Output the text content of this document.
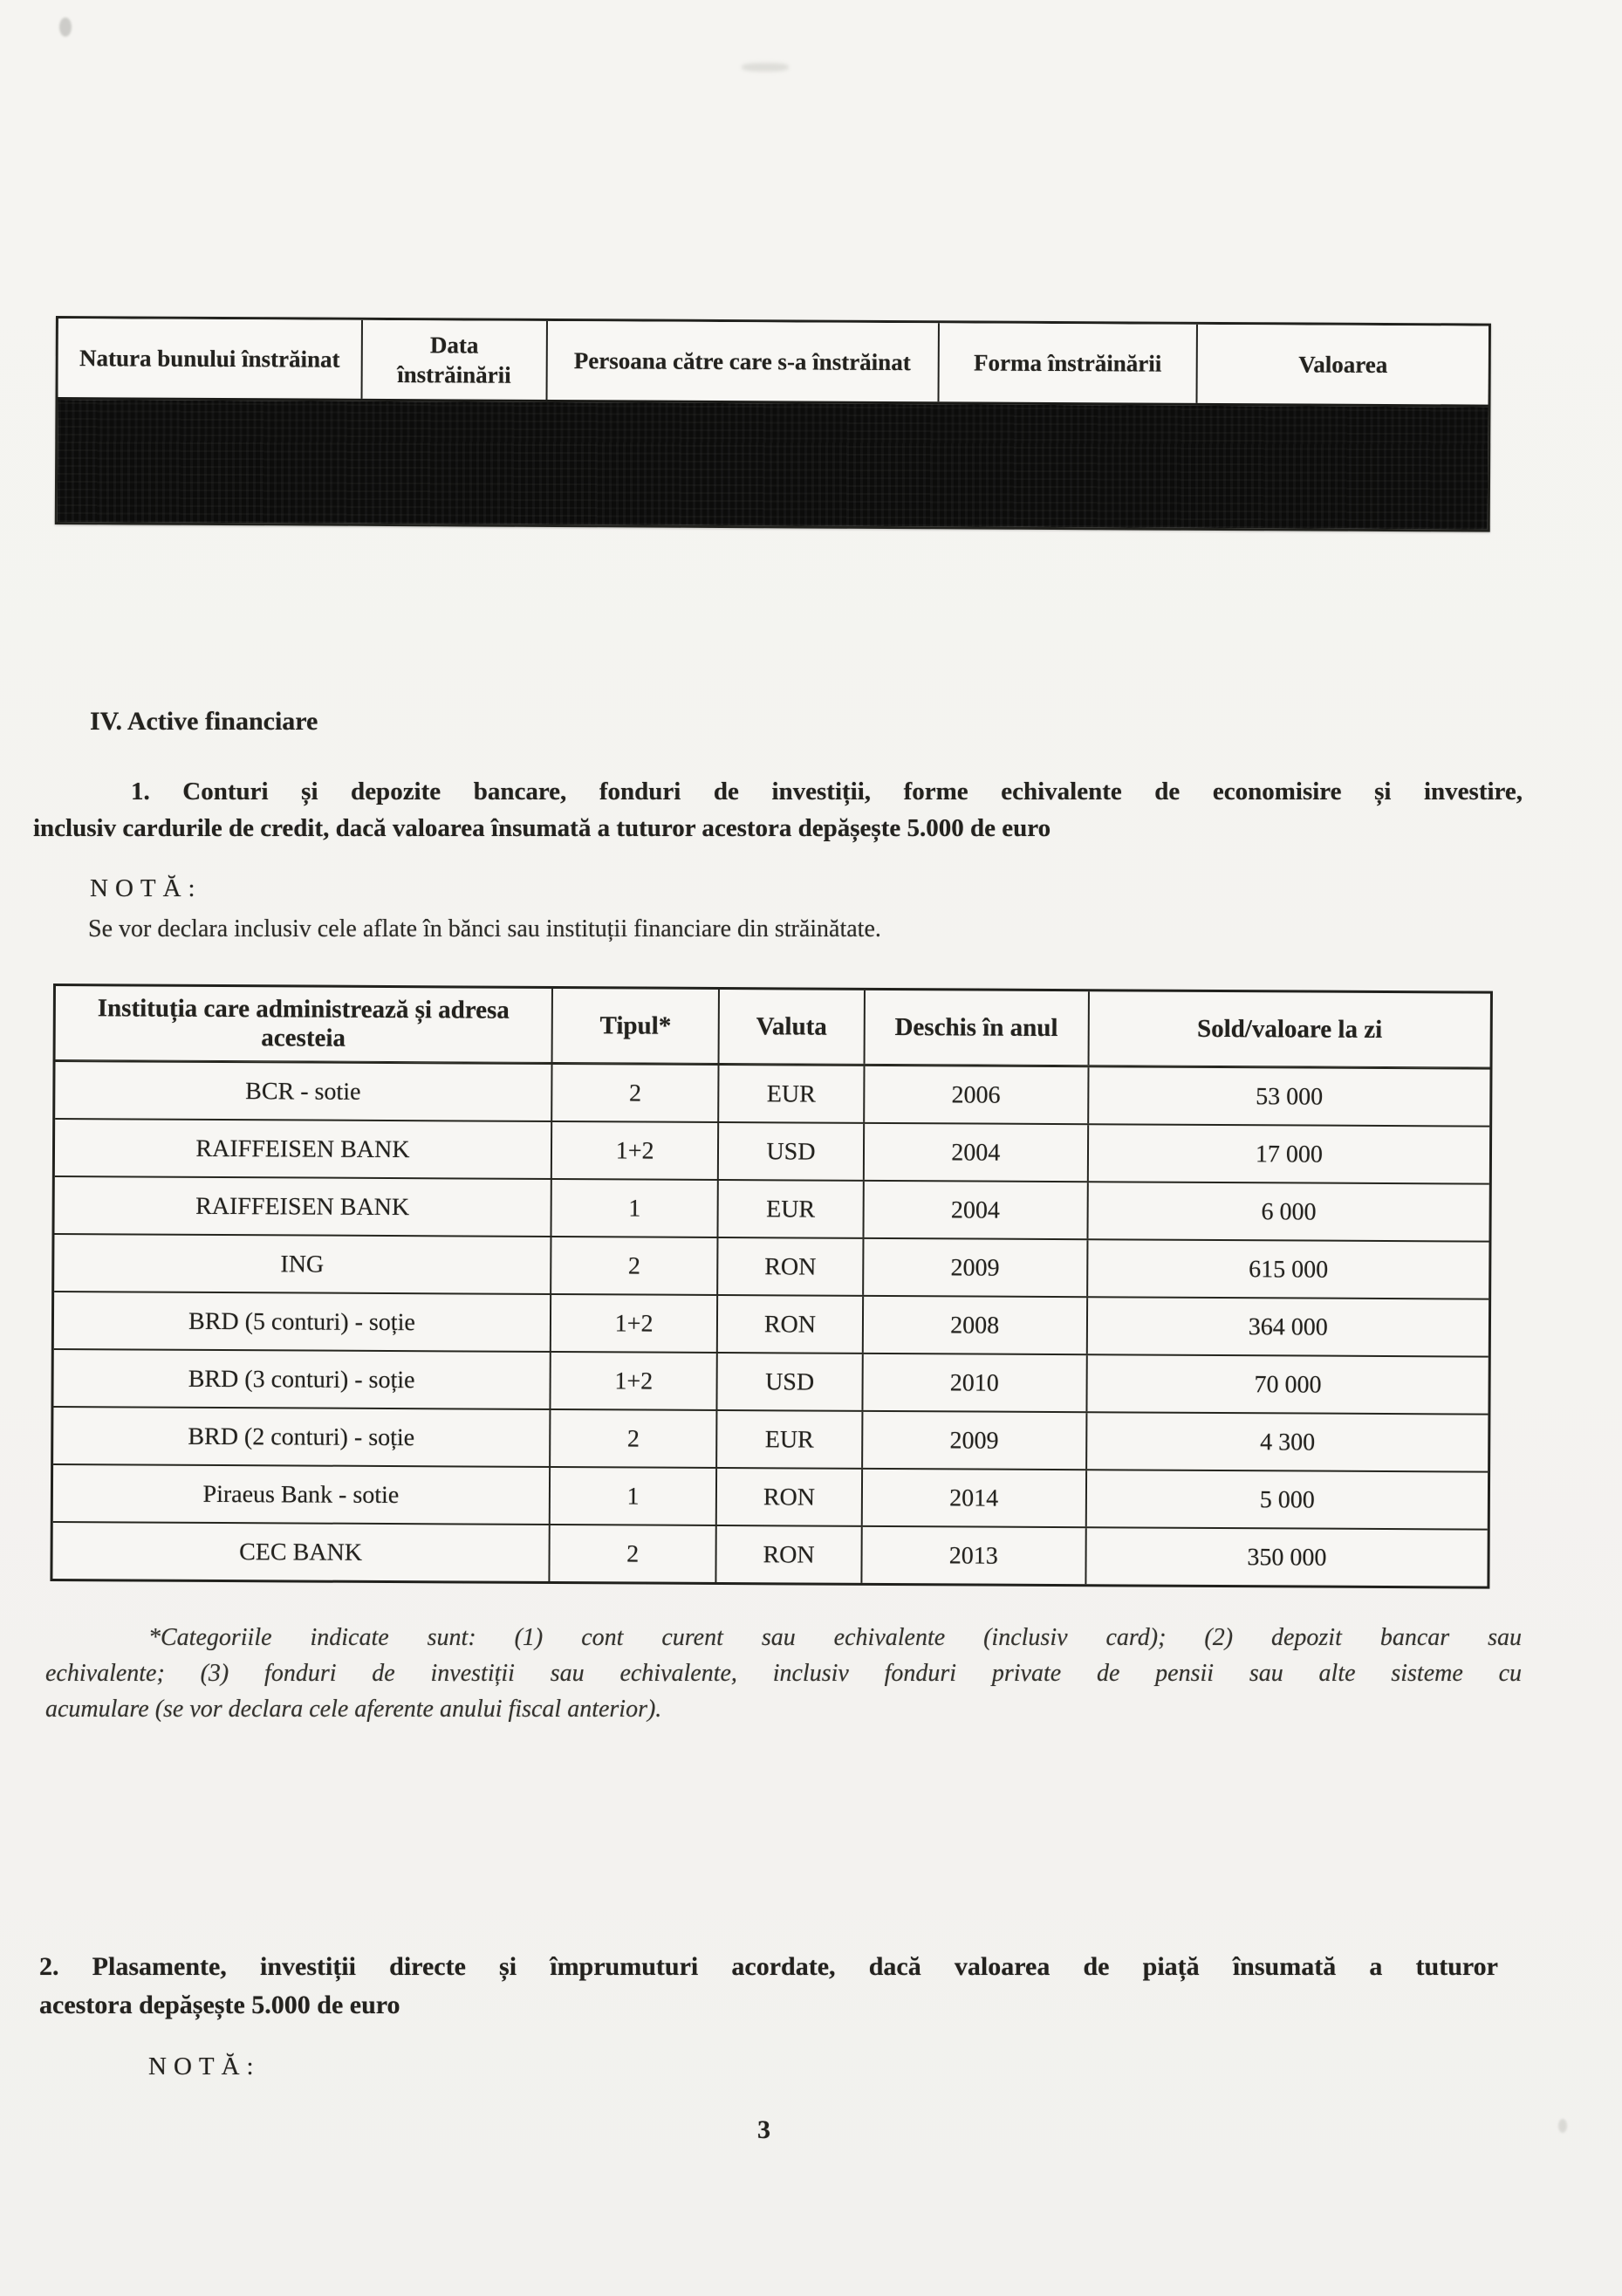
Natura bunului înstrăinat	Data înstrăinării	Persoana către care s-a înstrăinat	Forma înstrăinării	Valoarea
IV. Active financiare
1. Conturi și depozite bancare, fonduri de investiții, forme echivalente de economisire și investire,
inclusiv cardurile de credit, dacă valoarea însumată a tuturor acestora depășește 5.000 de euro
NOTĂ:
Se vor declara inclusiv cele aflate în bănci sau instituții financiare din străinătate.
Instituția care administrează și adresa acesteia	Tipul*	Valuta	Deschis în anul	Sold/valoare la zi
BCR - sotie	2	EUR	2006	53 000
RAIFFEISEN BANK	1+2	USD	2004	17 000
RAIFFEISEN BANK	1	EUR	2004	6 000
ING	2	RON	2009	615 000
BRD (5 conturi) - soție	1+2	RON	2008	364 000
BRD (3 conturi) - soție	1+2	USD	2010	70 000
BRD (2 conturi) - soție	2	EUR	2009	4 300
Piraeus Bank - sotie	1	RON	2014	5 000
CEC BANK	2	RON	2013	350 000
*Categoriile indicate sunt: (1) cont curent sau echivalente (inclusiv card); (2) depozit bancar sau
echivalente; (3) fonduri de investiții sau echivalente, inclusiv fonduri private de pensii sau alte sisteme cu
acumulare (se vor declara cele aferente anului fiscal anterior).
2. Plasamente, investiții directe și împrumuturi acordate, dacă valoarea de piață însumată a tuturor
acestora depășește 5.000 de euro
NOTĂ:
3
